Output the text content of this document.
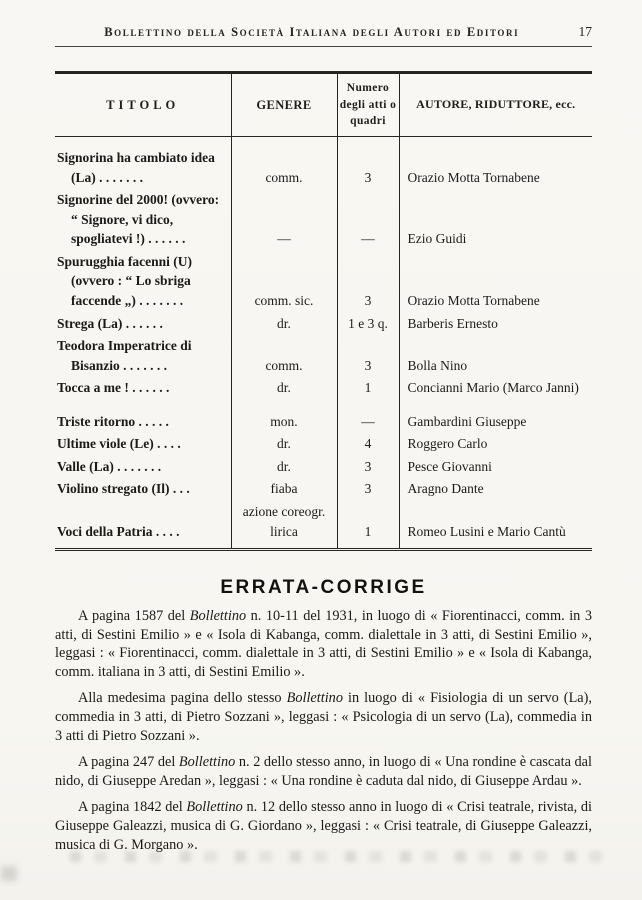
Bollettino della Società Italiana degli Autori ed Editori	17
TITOLO	GENERE	Numero degli atti o quadri	AUTORE, RIDUTTORE, ecc.
Signorina ha cambiato idea (La) . . . . . . .	comm.	3	Orazio Motta Tornabene
Signorine del 2000! (ovvero: “ Signore, vi dico, spogliatevi !) . . . . . .	—	—	Ezio Guidi
Spurugghia facenni (U) (ovvero : “ Lo sbriga faccende „) . . . . . . .	comm. sic.	3	Orazio Motta Tornabene
Strega (La) . . . . . .	dr.	1 e 3 q.	Barberis Ernesto
Teodora Imperatrice di Bisanzio . . . . . . .	comm.	3	Bolla Nino
Tocca a me ! . . . . . .	dr.	1	Concianni Mario (Marco Janni)
Triste ritorno . . . . .	mon.	—	Gambardini Giuseppe
Ultime viole (Le) . . . .	dr.	4	Roggero Carlo
Valle (La) . . . . . . .	dr.	3	Pesce Giovanni
Violino stregato (Il) . . .	fiaba	3	Aragno Dante
Voci della Patria . . . .	azione coreogr. lirica	1	Romeo Lusini e Mario Cantù
ERRATA-CORRIGE

A pagina 1587 del Bollettino n. 10-11 del 1931, in luogo di « Fiorentinacci, comm. in 3 atti, di Sestini Emilio » e « Isola di Kabanga, comm. dialettale in 3 atti, di Sestini Emilio », leggasi : « Fiorentinacci, comm. dialettale in 3 atti, di Sestini Emilio » e « Isola di Kabanga, comm. italiana in 3 atti, di Sestini Emilio ».

Alla medesima pagina dello stesso Bollettino in luogo di « Fisiologia di un servo (La), commedia in 3 atti, di Pietro Sozzani », leggasi : « Psicologia di un servo (La), commedia in 3 atti di Pietro Sozzani ».

A pagina 247 del Bollettino n. 2 dello stesso anno, in luogo di « Una rondine è cascata dal nido, di Giuseppe Aredan », leggasi : « Una rondine è caduta dal nido, di Giuseppe Ardau ».

A pagina 1842 del Bollettino n. 12 dello stesso anno in luogo di « Crisi teatrale, rivista, di Giuseppe Galeazzi, musica di G. Giordano », leggasi : « Crisi teatrale, di Giuseppe Galeazzi, musica di G. Morgano ».
